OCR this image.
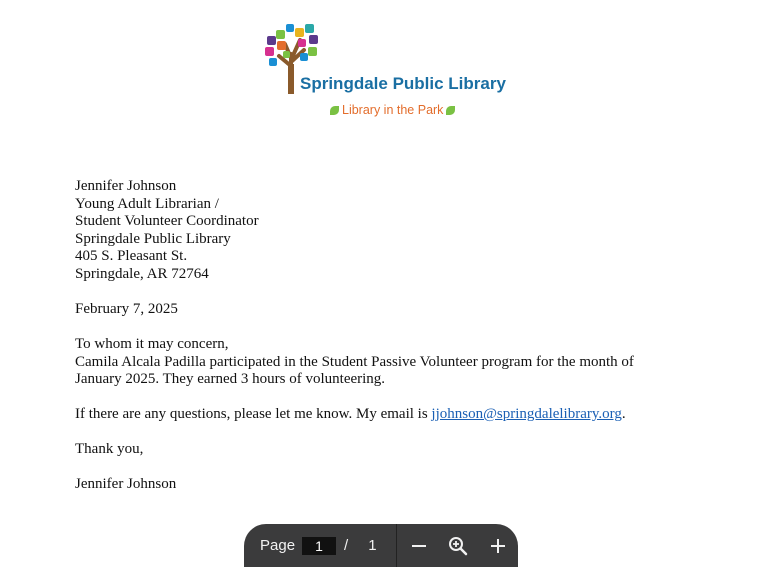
Springdale Public Library

Library in the Park

Jennifer Johnson

Young Adult Librarian /

Student Volunteer Coordinator

Springdale Public Library

405 S. Pleasant St.

Springdale, AR 72764

February 7, 2025

To whom it may concern,

Camila Alcala Padilla participated in the Student Passive Volunteer program for the month of

January 2025. They earned 3 hours of volunteering.

If there are any questions, please let me know. My email is jjohnson@springdalelibrary.org.

Thank you,

Jennifer Johnson

Page
1	/ 1
